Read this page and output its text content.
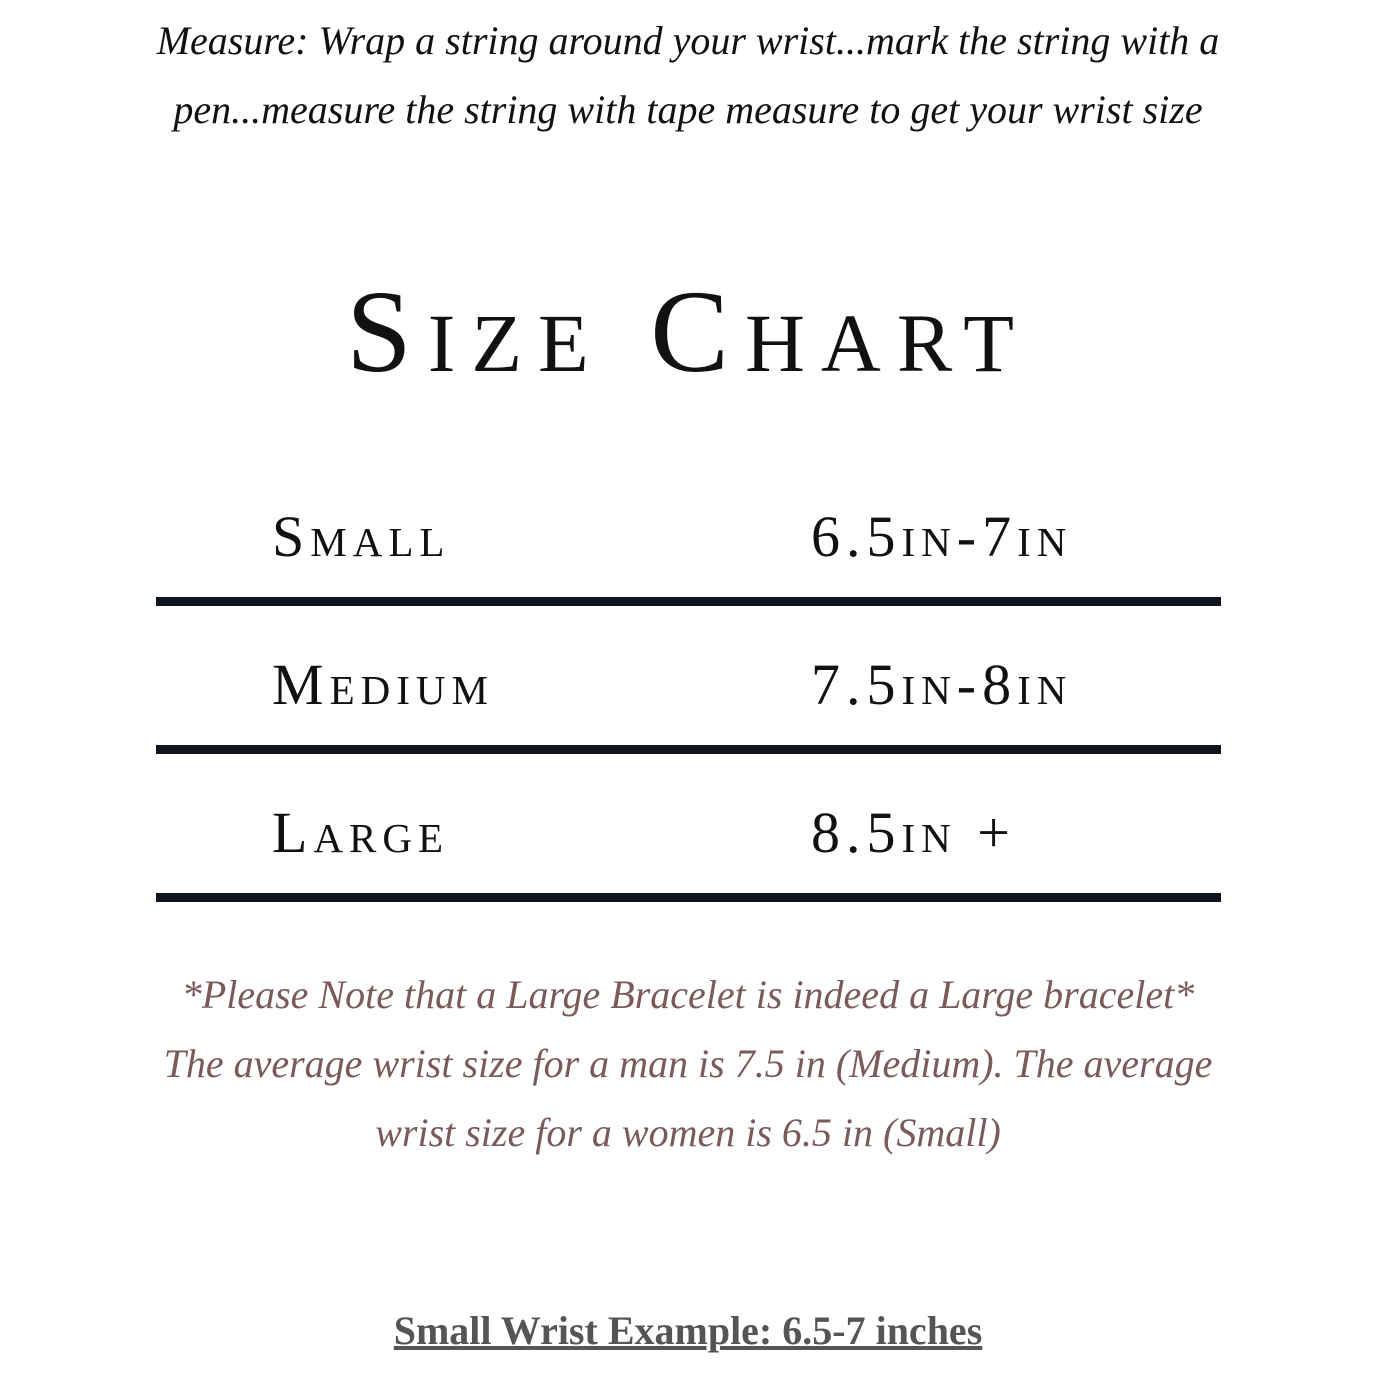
Measure: Wrap a string around your wrist...mark the string with a pen...measure the string with tape measure to get your wrist size
Size Chart
Small	6.5in-7in
Medium	7.5in-8in
Large	8.5in +

*Please Note that a Large Bracelet is indeed a Large bracelet*

The average wrist size for a man is 7.5 in (Medium). The average wrist size for a women is 6.5 in (Small)

Small Wrist Example: 6.5-7 inches
